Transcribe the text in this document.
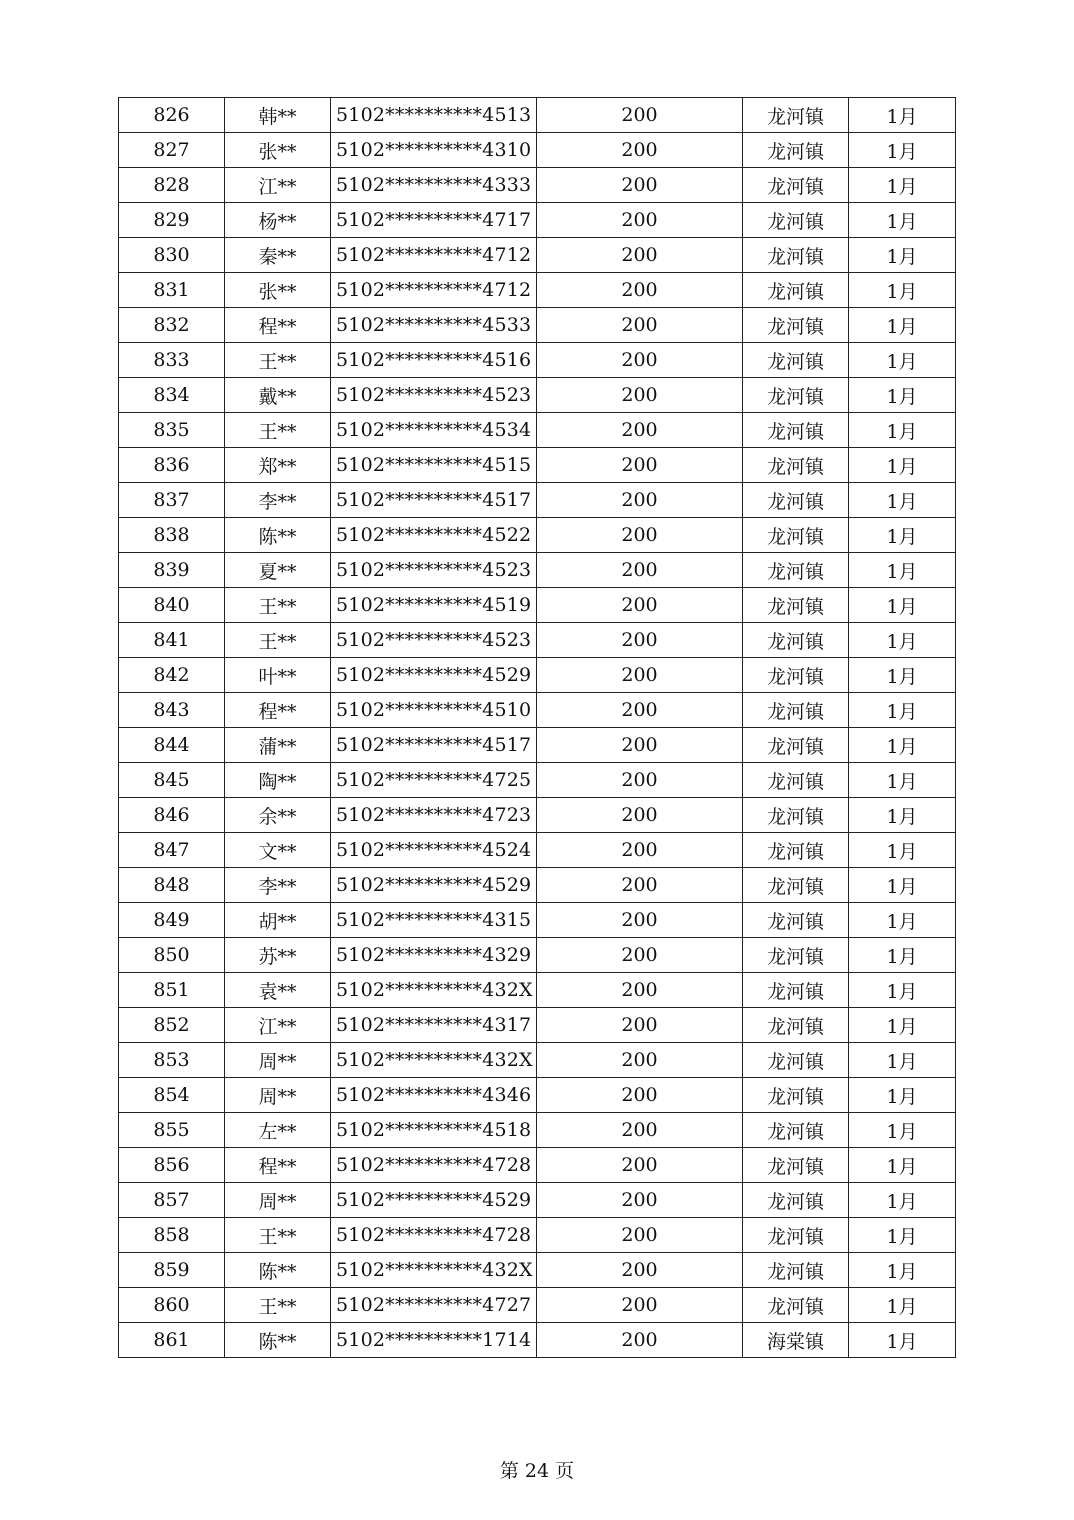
826	韩**	5102**********4513	200	龙河镇	1月
827	张**	5102**********4310	200	龙河镇	1月
828	江**	5102**********4333	200	龙河镇	1月
829	杨**	5102**********4717	200	龙河镇	1月
830	秦**	5102**********4712	200	龙河镇	1月
831	张**	5102**********4712	200	龙河镇	1月
832	程**	5102**********4533	200	龙河镇	1月
833	王**	5102**********4516	200	龙河镇	1月
834	戴**	5102**********4523	200	龙河镇	1月
835	王**	5102**********4534	200	龙河镇	1月
836	郑**	5102**********4515	200	龙河镇	1月
837	李**	5102**********4517	200	龙河镇	1月
838	陈**	5102**********4522	200	龙河镇	1月
839	夏**	5102**********4523	200	龙河镇	1月
840	王**	5102**********4519	200	龙河镇	1月
841	王**	5102**********4523	200	龙河镇	1月
842	叶**	5102**********4529	200	龙河镇	1月
843	程**	5102**********4510	200	龙河镇	1月
844	蒲**	5102**********4517	200	龙河镇	1月
845	陶**	5102**********4725	200	龙河镇	1月
846	余**	5102**********4723	200	龙河镇	1月
847	文**	5102**********4524	200	龙河镇	1月
848	李**	5102**********4529	200	龙河镇	1月
849	胡**	5102**********4315	200	龙河镇	1月
850	苏**	5102**********4329	200	龙河镇	1月
851	袁**	5102**********432X	200	龙河镇	1月
852	江**	5102**********4317	200	龙河镇	1月
853	周**	5102**********432X	200	龙河镇	1月
854	周**	5102**********4346	200	龙河镇	1月
855	左**	5102**********4518	200	龙河镇	1月
856	程**	5102**********4728	200	龙河镇	1月
857	周**	5102**********4529	200	龙河镇	1月
858	王**	5102**********4728	200	龙河镇	1月
859	陈**	5102**********432X	200	龙河镇	1月
860	王**	5102**********4727	200	龙河镇	1月
861	陈**	5102**********1714	200	海棠镇	1月
第 24 页
